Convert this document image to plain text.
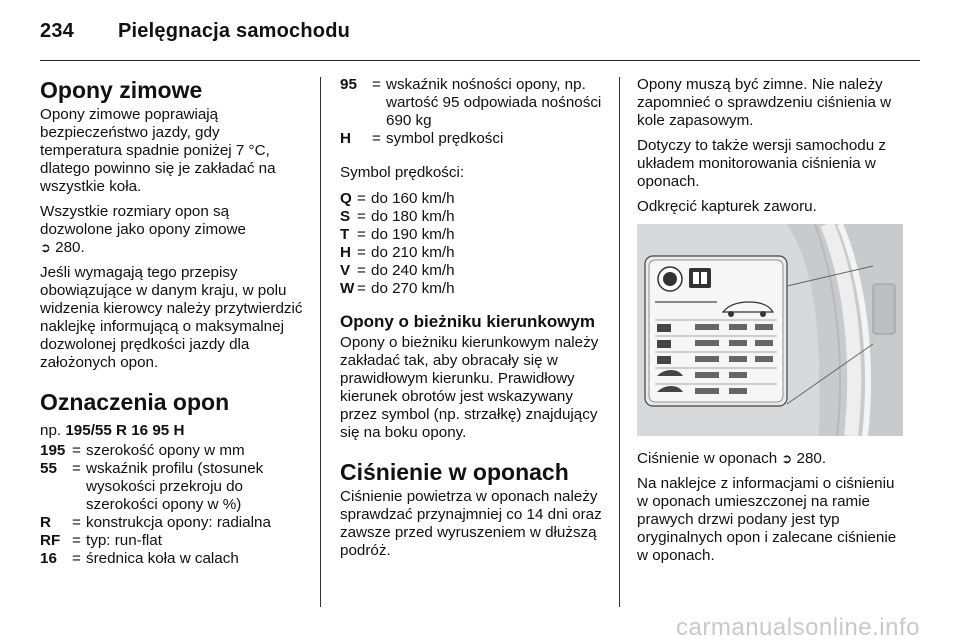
234 Pielęgnacja samochodu
Opony zimowe

Opony zimowe poprawiają bezpieczeństwo jazdy, gdy temperatura spadnie poniżej 7 °C, dlatego powinno się je zakładać na wszystkie koła.

Wszystkie rozmiary opon są dozwolone jako opony zimowe
➲ 280.

Jeśli wymagają tego przepisy obowiązujące w danym kraju, w polu widzenia kierowcy należy przytwierdzić naklejkę informującą o maksymalnej dozwolonej prędkości jazdy dla założonych opon.

Oznaczenia opon

np. 195/55 R 16 95 H

195 = szerokość opony w mm
55 = wskaźnik profilu (stosunek wysokości przekroju do szerokości opony w %)
R	= konstrukcja opony: radialna
RF = typ: run-flat
16 = średnica koła w calach
95 = wskaźnik nośności opony, np. wartość 95 odpowiada nośności 690 kg
H	= symbol prędkości

Symbol prędkości:

Q = do 160 km/h
S = do 180 km/h
T = do 190 km/h
H = do 210 km/h
V = do 240 km/h
W = do 270 km/h
Opony o bieżniku kierunkowym

Opony o bieżniku kierunkowym należy zakładać tak, aby obracały się w prawidłowym kierunku. Prawidłowy kierunek obrotów jest wskazywany przez symbol (np. strzałkę) znajdujący się na boku opony.

Ciśnienie w oponach

Ciśnienie powietrza w oponach należy sprawdzać przynajmniej co 14 dni oraz zawsze przed wyruszeniem w dłuższą podróż.

Opony muszą być zimne. Nie należy zapomnieć o sprawdzeniu ciśnienia w kole zapasowym.

Dotyczy to także wersji samochodu z układem monitorowania ciśnienia w oponach.

Odkręcić kapturek zaworu.

Ciśnienie w oponach ➲ 280.

Na naklejce z informacjami o ciśnieniu w oponach umieszczonej na ramie prawych drzwi podany jest typ oryginalnych opon i zalecane ciśnienie w oponach.

carmanualsonline.info
